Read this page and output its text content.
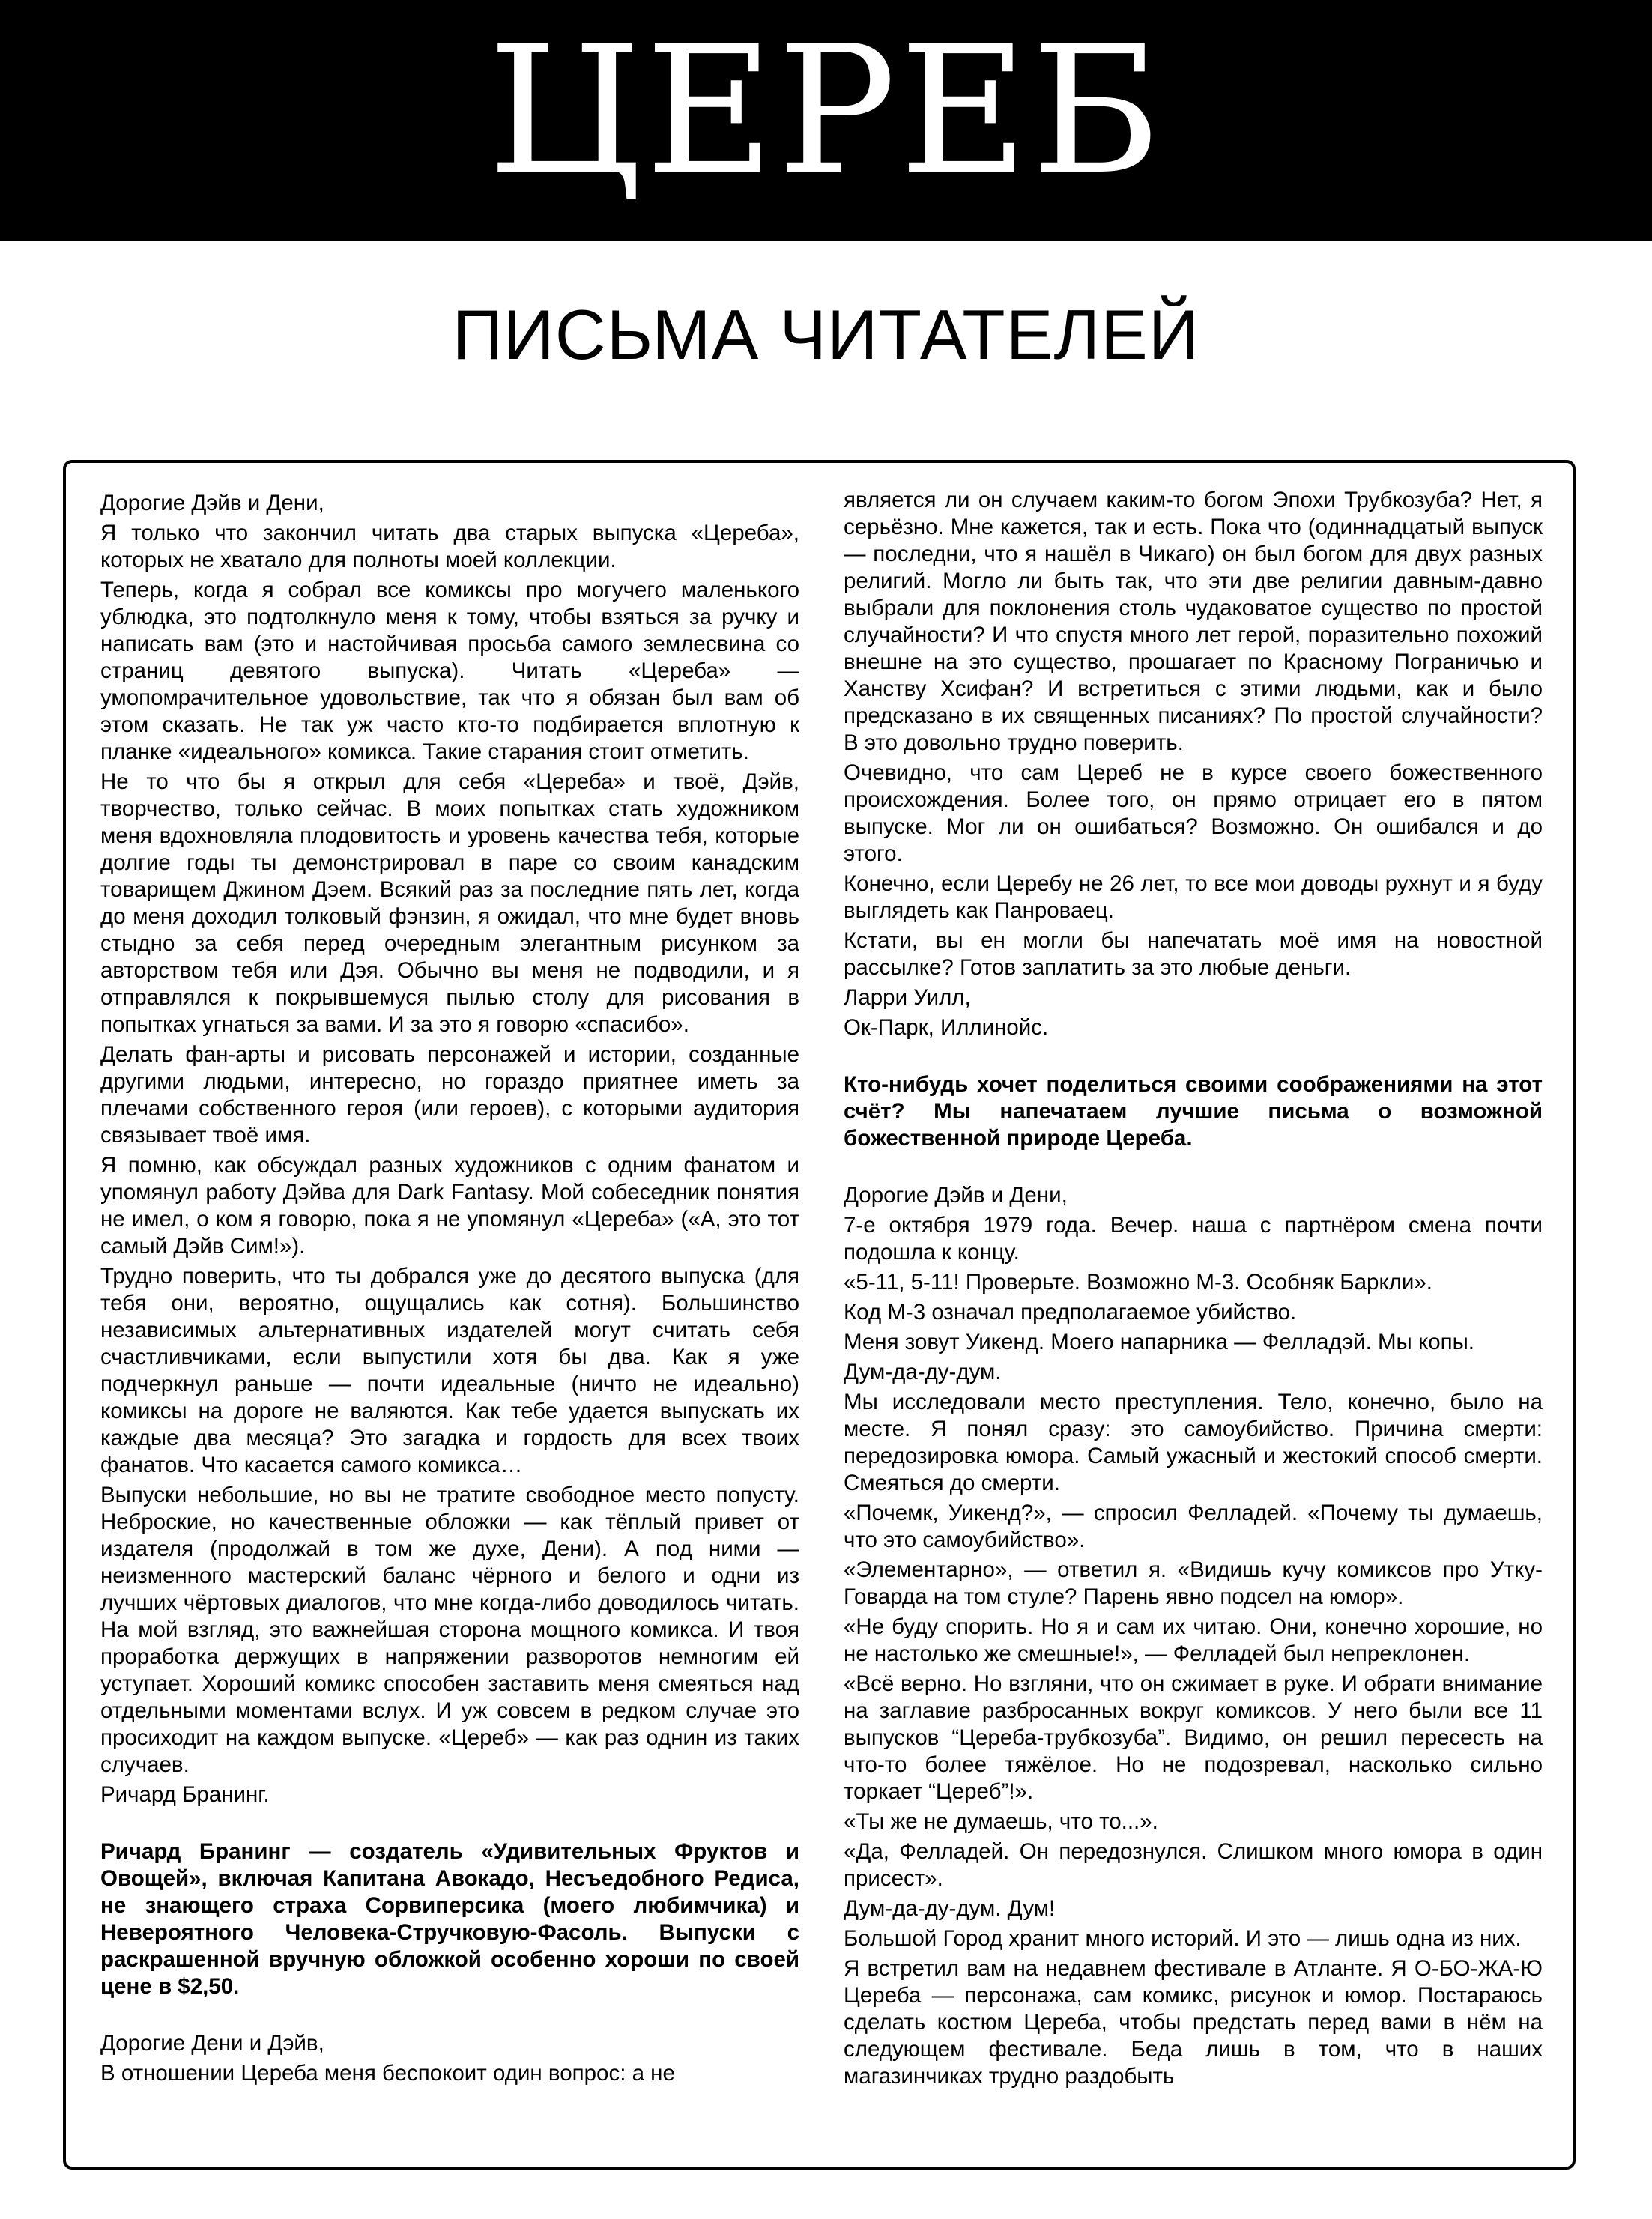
ЦЕРЕБ
ПИСЬМА ЧИТАТЕЛЕЙ

Дорогие Дэйв и Дени,

Я только что закончил читать два старых выпуска «Цереба», которых не хватало для полноты моей коллекции.

Теперь, когда я собрал все комиксы про могучего маленького ублюдка, это подтолкнуло меня к тому, чтобы взяться за ручку и написать вам (это и настойчивая просьба самого землесвина со страниц девятого выпуска). Читать «Цереба» — умопомрачительное удовольствие, так что я обязан был вам об этом сказать. Не так уж часто кто-то подбирается вплотную к планке «идеального» комикса. Такие старания стоит отметить.

Не то что бы я открыл для себя «Цереба» и твоё, Дэйв, творчество, только сейчас. В моих попытках стать художником меня вдохновляла плодовитость и уровень качества тебя, которые долгие годы ты демонстрировал в паре со своим канадским товарищем Джином Дэем. Всякий раз за последние пять лет, когда до меня доходил толковый фэнзин, я ожидал, что мне будет вновь стыдно за себя перед очередным элегантным рисунком за авторством тебя или Дэя. Обычно вы меня не подводили, и я отправлялся к покрывшемуся пылью столу для рисования в попытках угнаться за вами. И за это я говорю «спасибо».

Делать фан-арты и рисовать персонажей и истории, созданные другими людьми, интересно, но гораздо приятнее иметь за плечами собственного героя (или героев), с которыми аудитория связывает твоё имя.

Я помню, как обсуждал разных художников с одним фанатом и упомянул работу Дэйва для Dark Fantasy. Мой собеседник понятия не имел, о ком я говорю, пока я не упомянул «Цереба» («А, это тот самый Дэйв Сим!»).

Трудно поверить, что ты добрался уже до десятого выпуска (для тебя они, вероятно, ощущались как сотня). Большинство независимых альтернативных издателей могут считать себя счастливчиками, если выпустили хотя бы два. Как я уже подчеркнул раньше — почти идеальные (ничто не идеально) комиксы на дороге не валяются. Как тебе удается выпускать их каждые два месяца? Это загадка и гордость для всех твоих фанатов. Что касается самого комикса…

Выпуски небольшие, но вы не тратите свободное место попусту. Неброские, но качественные обложки — как тёплый привет от издателя (продолжай в том же духе, Дени). А под ними — неизменного мастерский баланс чёрного и белого и одни из лучших чёртовых диалогов, что мне когда-либо доводилось читать. На мой взгляд, это важнейшая сторона мощного комикса. И твоя проработка держущих в напряжении разворотов немногим ей уступает. Хороший комикс способен заставить меня смеяться над отдельными моментами вслух. И уж совсем в редком случае это просиходит на каждом выпуске. «Цереб» — как раз однин из таких случаев.

Ричард Бранинг.

Ричард Бранинг — создатель «Удивительных Фруктов и Овощей», включая Капитана Авокадо, Несъедобного Редиса, не знающего страха Сорвиперсика (моего любимчика) и Невероятного Человека-Стручковую-Фасоль. Выпуски с раскрашенной вручную обложкой особенно хороши по своей цене в $2,50.

Дорогие Дени и Дэйв,

В отношении Цереба меня беспокоит один вопрос: а не

является ли он случаем каким-то богом Эпохи Трубкозуба? Нет, я серьёзно. Мне кажется, так и есть. Пока что (одиннадцатый выпуск — последни, что я нашёл в Чикаго) он был богом для двух разных религий. Могло ли быть так, что эти две религии давным-давно выбрали для поклонения столь чудаковатое существо по простой случайности? И что спустя много лет герой, поразительно похожий внешне на это существо, прошагает по Красному Пограничью и Ханству Хсифан? И встретиться с этими людьми, как и было предсказано в их священных писаниях? По простой случайности? В это довольно трудно поверить.

Очевидно, что сам Цереб не в курсе своего божественного происхождения. Более того, он прямо отрицает его в пятом выпуске. Мог ли он ошибаться? Возможно. Он ошибался и до этого.

Конечно, если Церебу не 26 лет, то все мои доводы рухнут и я буду выглядеть как Панроваец.

Кстати, вы ен могли бы напечатать моё имя на новостной рассылке? Готов заплатить за это любые деньги.

Ларри Уилл,

Ок-Парк, Иллинойс.

Кто-нибудь хочет поделиться своими соображениями на этот счёт? Мы напечатаем лучшие письма о возможной божественной природе Цереба.

Дорогие Дэйв и Дени,

7-е октября 1979 года. Вечер. наша с партнёром смена почти подошла к концу.

«5-11, 5-11! Проверьте. Возможно М-3. Особняк Баркли».

Код М-3 означал предполагаемое убийство.

Меня зовут Уикенд. Моего напарника — Фелладэй. Мы копы.

Дум-да-ду-дум.

Мы исследовали место преступления. Тело, конечно, было на месте. Я понял сразу: это самоубийство. Причина смерти: передозировка юмора. Самый ужасный и жестокий способ смерти. Смеяться до смерти.

«Почемк, Уикенд?», — спросил Фелладей. «Почему ты думаешь, что это самоубийство».

«Элементарно», — ответил я. «Видишь кучу комиксов про Утку-Говарда на том стуле? Парень явно подсел на юмор».

«Не буду спорить. Но я и сам их читаю. Они, конечно хорошие, но не настолько же смешные!», — Фелладей был непреклонен.

«Всё верно. Но взгляни, что он сжимает в руке. И обрати внимание на заглавие разбросанных вокруг комиксов. У него были все 11 выпусков “Цереба-трубкозуба”. Видимо, он решил пересесть на что-то более тяжёлое. Но не подозревал, насколько сильно торкает “Цереб”!».

«Ты же не думаешь, что то...».

«Да, Фелладей. Он передознулся. Слишком много юмора в один присест».

Дум-да-ду-дум. Дум!

Большой Город хранит много историй. И это — лишь одна из них.

Я встретил вам на недавнем фестивале в Атланте. Я О-БО-ЖА-Ю Цереба — персонажа, сам комикс, рисунок и юмор. Постараюсь сделать костюм Цереба, чтобы предстать перед вами в нём на следующем фестивале. Беда лишь в том, что в наших магазинчиках трудно раздобыть
